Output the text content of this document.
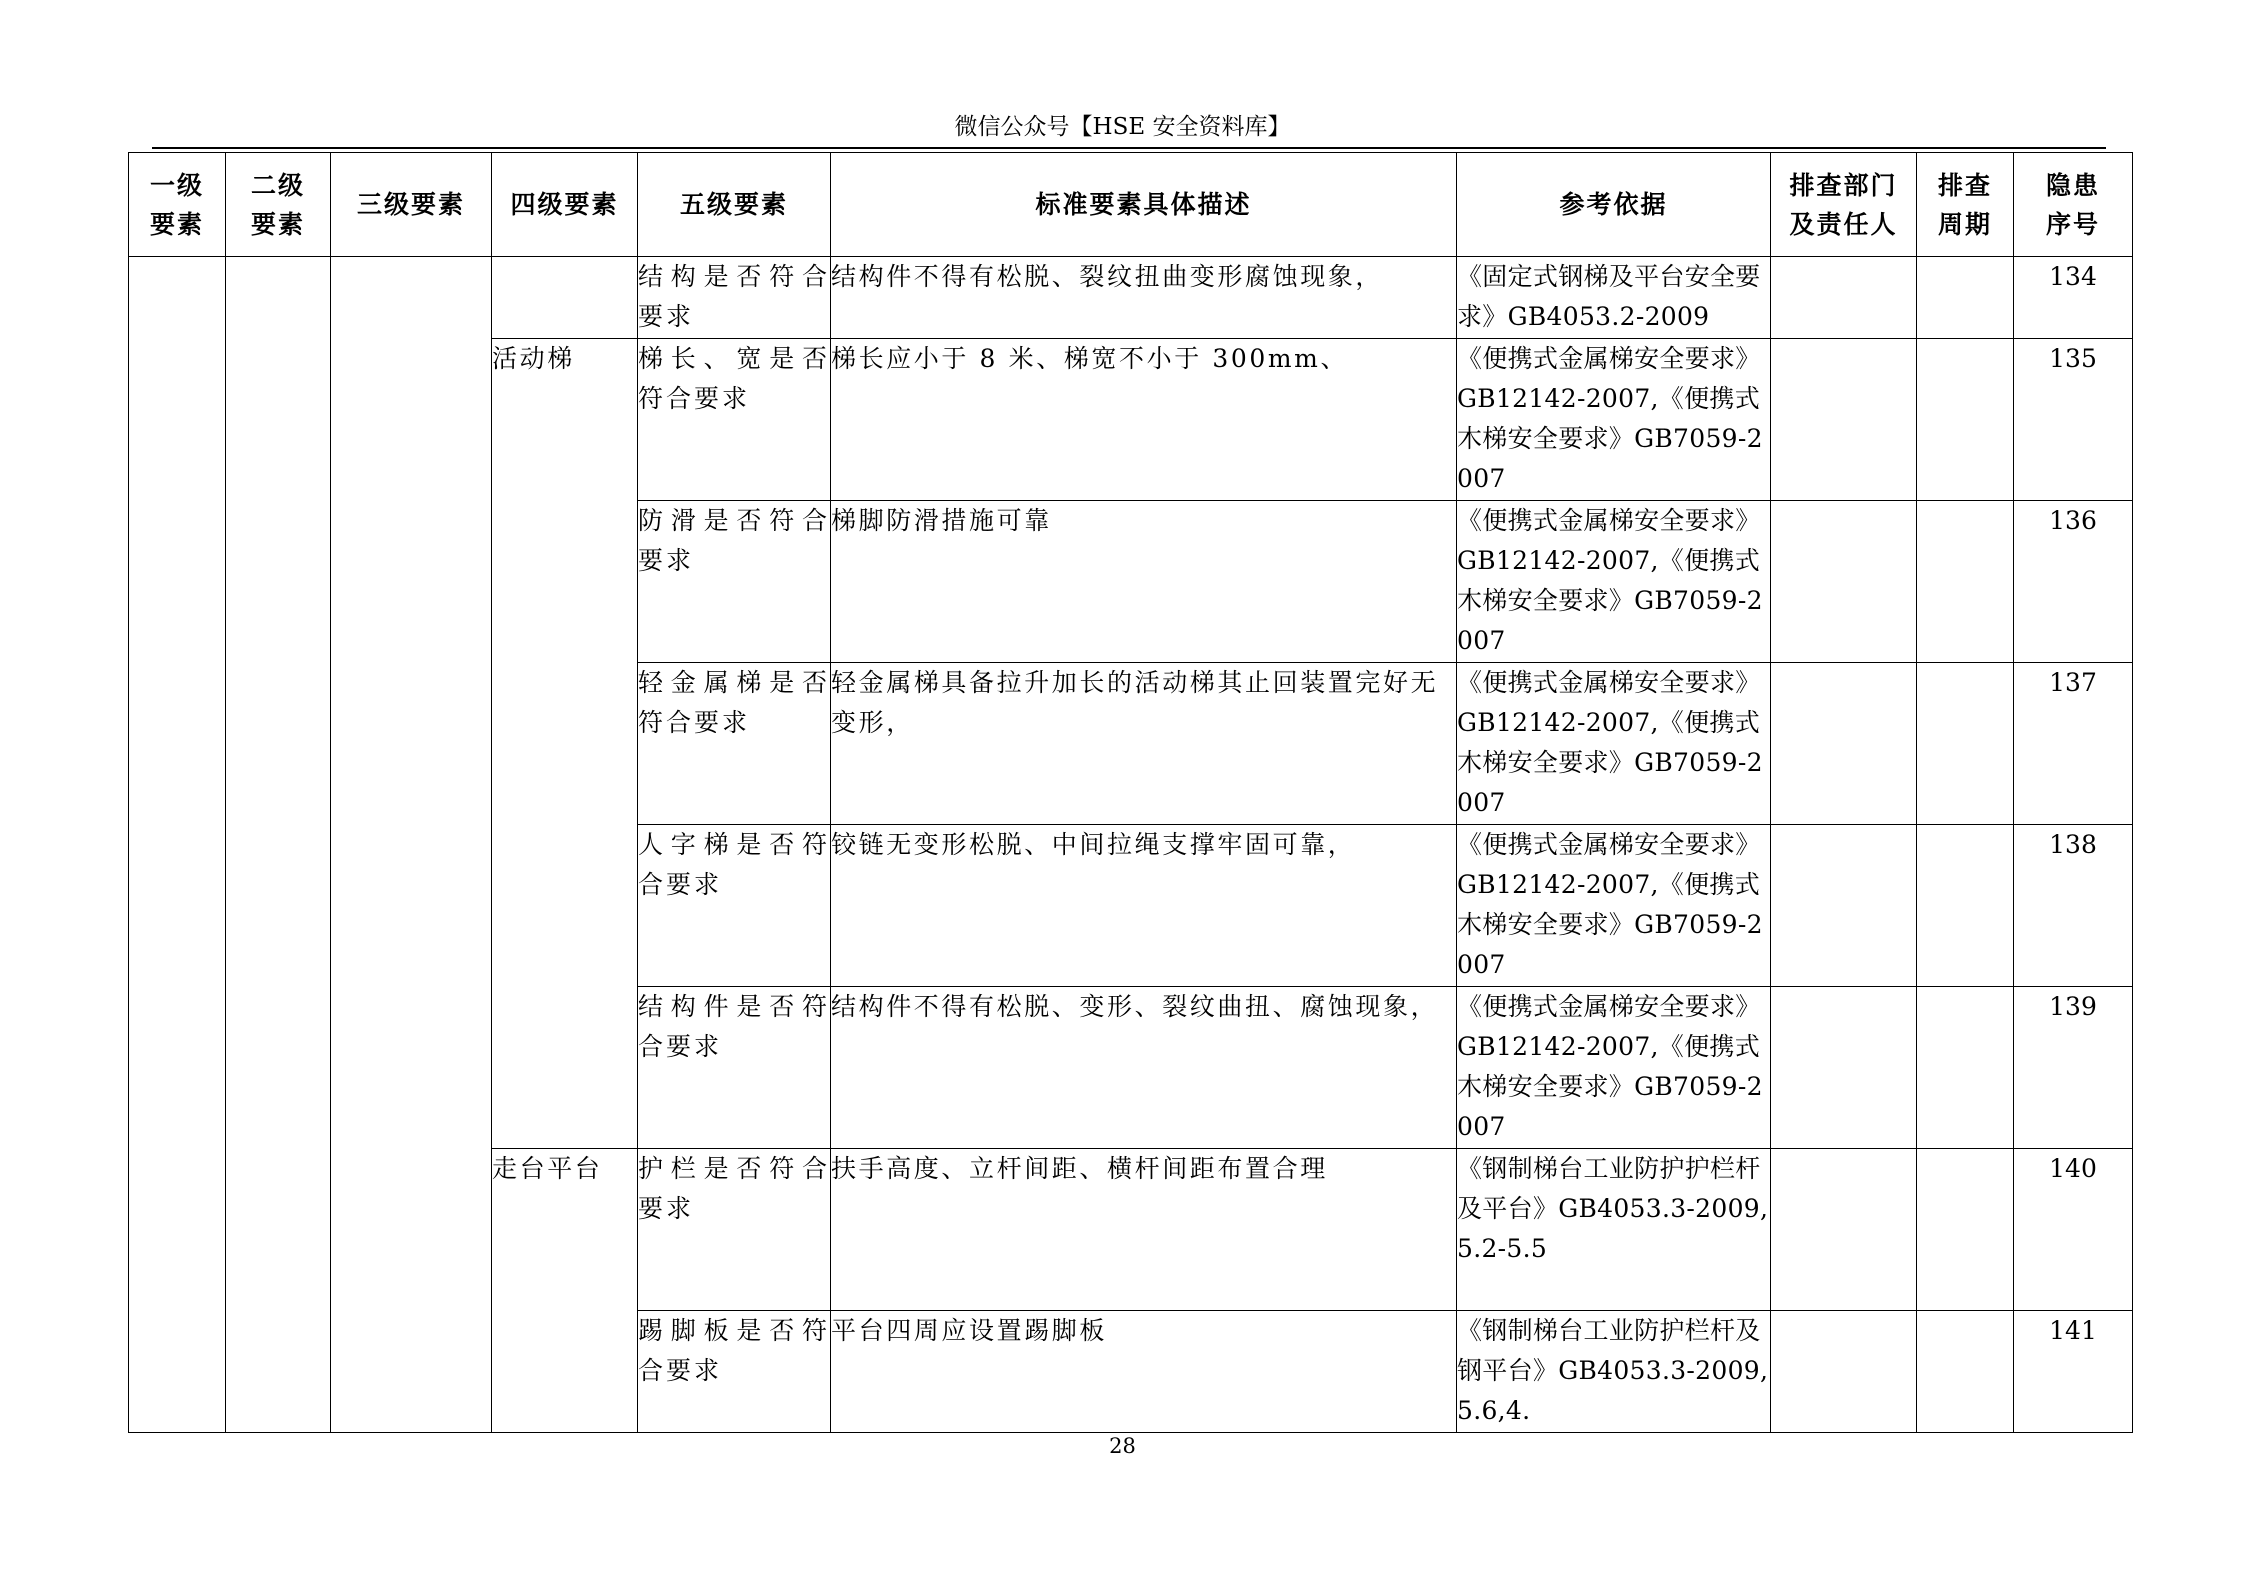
微信公众号【HSE 安全资料库】
一级要素	二级要素	三级要素	四级要素	五级要素	标准要素具体描述	参考依据	排查部门及责任人	排查周期	隐患序号
				结构是否符合要求	结构件不得有松脱、裂纹扭曲变形腐蚀现象，	《固定式钢梯及平台安全要求》GB4053.2-2009			134
			活动梯	梯长、宽是否符合要求	梯长应小于 8 米、梯宽不小于 300mm、	《便携式金属梯安全要求》GB12142-2007,《便携式木梯安全要求》GB7059-2007			135
				防滑是否符合要求	梯脚防滑措施可靠	《便携式金属梯安全要求》GB12142-2007,《便携式木梯安全要求》GB7059-2007			136
				轻金属梯是否符合要求	轻金属梯具备拉升加长的活动梯其止回装置完好无变形，	《便携式金属梯安全要求》GB12142-2007,《便携式木梯安全要求》GB7059-2007			137
				人字梯是否符合要求	铰链无变形松脱、中间拉绳支撑牢固可靠，	《便携式金属梯安全要求》GB12142-2007,《便携式木梯安全要求》GB7059-2007			138
				结构件是否符合要求	结构件不得有松脱、变形、裂纹曲扭、腐蚀现象，	《便携式金属梯安全要求》GB12142-2007,《便携式木梯安全要求》GB7059-2007			139
			走台平台	护栏是否符合要求	扶手高度、立杆间距、横杆间距布置合理	《钢制梯台工业防护护栏杆及平台》GB4053.3-2009,5.2-5.5			140
				踢脚板是否符合要求	平台四周应设置踢脚板	《钢制梯台工业防护栏杆及钢平台》GB4053.3-2009,5.6,4.			141
28
